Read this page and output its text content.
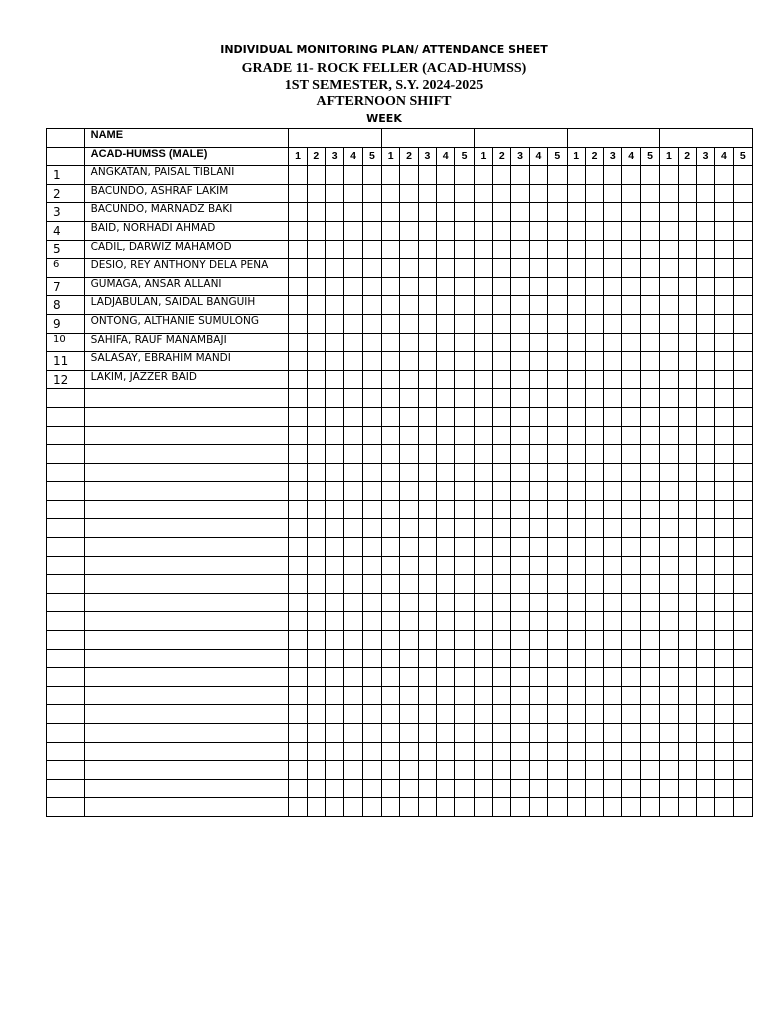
INDIVIDUAL MONITORING PLAN/ ATTENDANCE SHEET
GRADE 11- ROCK FELLER (ACAD-HUMSS)
1ST SEMESTER, S.Y. 2024-2025
AFTERNOON SHIFT
WEEK
	NAME																									
	ACAD-HUMSS (MALE)	1	2	3	4	5	1	2	3	4	5	1	2	3	4	5	1	2	3	4	5	1	2	3	4	5
1	ANGKATAN, PAISAL TIBLANI																									
2	BACUNDO, ASHRAF LAKIM																									
3	BACUNDO, MARNADZ BAKI																									
4	BAID, NORHADI AHMAD																									
5	CADIL, DARWIZ MAHAMOD																									
6	DESIO, REY ANTHONY DELA PENA																									
7	GUMAGA, ANSAR ALLANI																									
8	LADJABULAN, SAIDAL BANGUIH																									
9	ONTONG, ALTHANIE SUMULONG																									
10	SAHIFA, RAUF MANAMBAJI																									
11	SALASAY, EBRAHIM MANDI																									
12	LAKIM, JAZZER BAID																									
